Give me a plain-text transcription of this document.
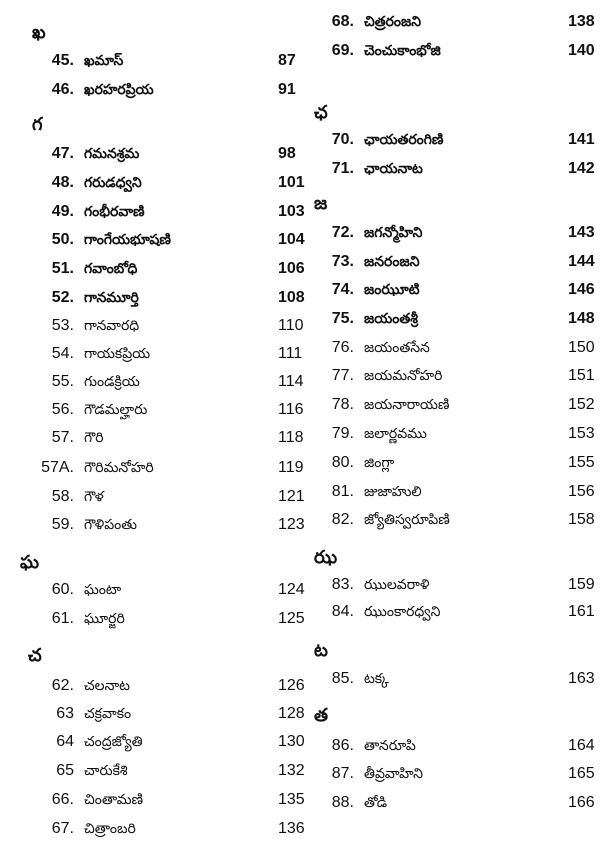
ఖ
45. ఖమాస్	87
46. ఖరహరప్రియ	91
గ
47. గమనశ్రమ	98
48. గరుడధ్వని	101
49. గంభీరవాణి	103
50. గాంగేయభూషణి	104
51. గవాంబోధి	106
52. గానమూర్తి	108
53. గానవారధి	110
54. గాయకప్రియ	111
55. గుండక్రియ	114
56. గౌడమల్హారు	116
57. గౌరి	118
57A. గౌరిమనోహరి	119
58. గౌళ	121
59. గౌళిపంతు	123
ఘ
60. ఘంటా	124
61. ఘూర్జరి	125
చ
62. చలనాట	126
63 చక్రవాకం	128
64 చంద్రజ్యోతి	130
65 చారుకేశి	132
66. చింతామణి	135
67. చిత్రాంబరి	136
68. చిత్రరంజని	138
69. చెంచుకాంభోజి	140
ఛ
70. ఛాయతరంగిణి	141
71. ఛాయనాట	142
జ
72. జగన్మోహిని	143
73. జనరంజని	144
74. జంఝూటి	146
75. జయంతశ్రీ	148
76. జయంతసేన	150
77. జయమనోహరి	151
78. జయనారాయణి	152
79. జలార్ణవము	153
80. జింగ్లా	155
81. జుజాహులి	156
82. జ్యోతిస్వరూపిణి	158
ఝ
83. ఝులవరాళి	159
84. ఝుంకారధ్వని	161
ట
85. టక్క	163
త
86. తానరూపి	164
87. తీవ్రవాహిని	165
88. తోడి	166
